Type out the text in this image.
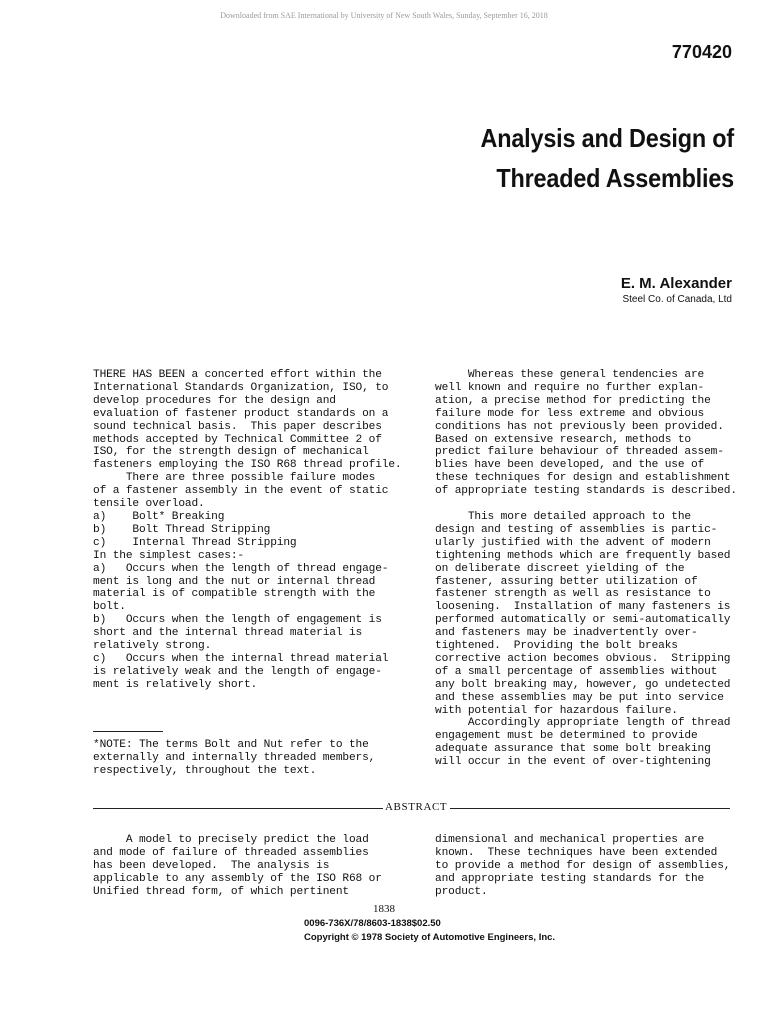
Downloaded from SAE International by University of New South Wales, Sunday, September 16, 2018
770420
Analysis and Design of
Threaded Assemblies
E. M. Alexander
Steel Co. of Canada, Ltd
THERE HAS BEEN a concerted effort within the
International Standards Organization, ISO, to
develop procedures for the design and
evaluation of fastener product standards on a
sound technical basis.  This paper describes
methods accepted by Technical Committee 2 of
ISO, for the strength design of mechanical
fasteners employing the ISO R68 thread profile.
There are three possible failure modes
of a fastener assembly in the event of static
tensile overload.
a)    Bolt* Breaking
b)    Bolt Thread Stripping
c)    Internal Thread Stripping
In the simplest cases:-
a)   Occurs when the length of thread engage-
ment is long and the nut or internal thread
material is of compatible strength with the
bolt.
b)   Occurs when the length of engagement is
short and the internal thread material is
relatively strong.
c)   Occurs when the internal thread material
is relatively weak and the length of engage-
ment is relatively short.
Whereas these general tendencies are
well known and require no further explan-
ation, a precise method for predicting the
failure mode for less extreme and obvious
conditions has not previously been provided.
Based on extensive research, methods to
predict failure behaviour of threaded assem-
blies have been developed, and the use of
these techniques for design and establishment
of appropriate testing standards is described.

This more detailed approach to the
design and testing of assemblies is partic-
ularly justified with the advent of modern
tightening methods which are frequently based
on deliberate discreet yielding of the
fastener, assuring better utilization of
fastener strength as well as resistance to
loosening.  Installation of many fasteners is
performed automatically or semi-automatically
and fasteners may be inadvertently over-
tightened.  Providing the bolt breaks
corrective action becomes obvious.  Stripping
of a small percentage of assemblies without
any bolt breaking may, however, go undetected
and these assemblies may be put into service
with potential for hazardous failure.
Accordingly appropriate length of thread
engagement must be determined to provide
adequate assurance that some bolt breaking
will occur in the event of over-tightening
*NOTE: The terms Bolt and Nut refer to the
externally and internally threaded members,
respectively, throughout the text.
ABSTRACT
A model to precisely predict the load
and mode of failure of threaded assemblies
has been developed.  The analysis is
applicable to any assembly of the ISO R68 or
Unified thread form, of which pertinent
dimensional and mechanical properties are
known.  These techniques have been extended
to provide a method for design of assemblies,
and appropriate testing standards for the
product.
1838
0096-736X/78/8603-1838$02.50
Copyright © 1978 Society of Automotive Engineers, Inc.
